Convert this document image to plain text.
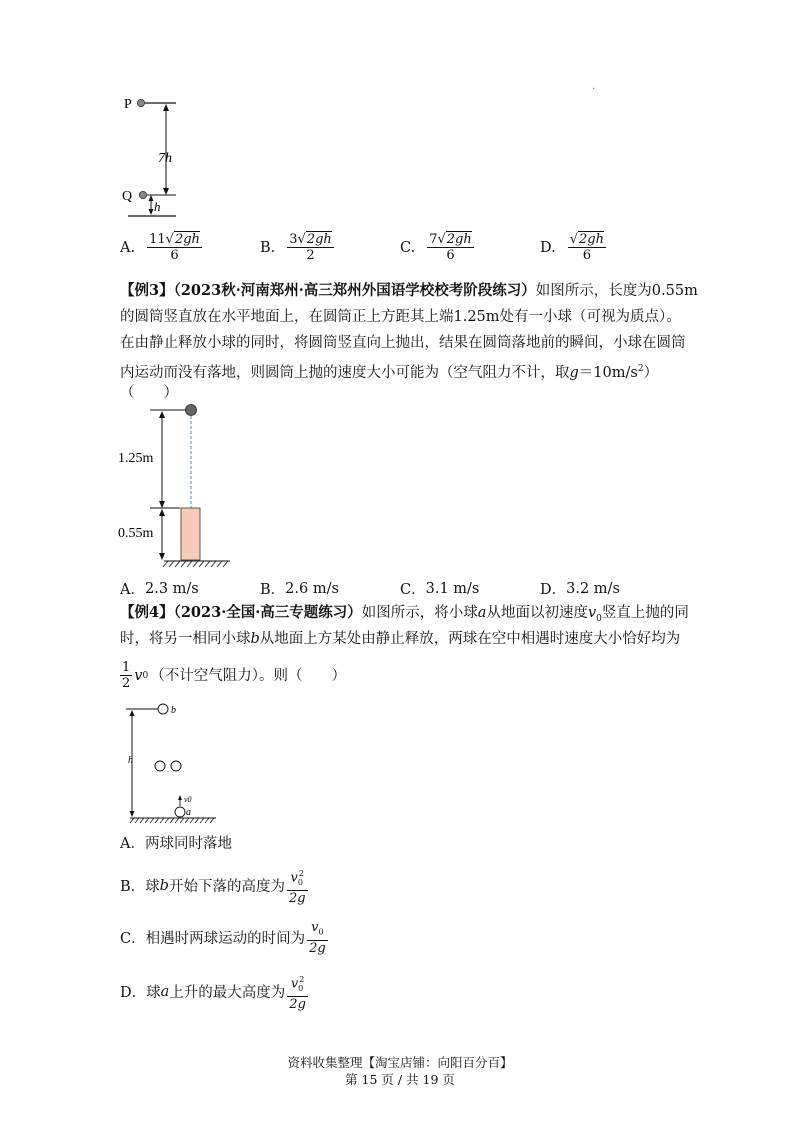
·
P
Q
7h
h
A. $\frac{11√2gh}{6}$	B. $\frac{3√2gh}{2}$	C. $\frac{7√2gh}{6}$	D. $\frac{√2gh}{6}$
【例3】（2023秋·河南郑州·高三郑州外国语学校校考阶段练习）如图所示，长度为0.55m
的圆筒竖直放在水平地面上，在圆筒正上方距其上端1.25m处有一小球（可视为质点）。
在由静止释放小球的同时，将圆筒竖直向上抛出，结果在圆筒落地前的瞬间，小球在圆筒
内运动而没有落地，则圆筒上抛的速度大小可能为（空气阻力不计，取$g=10m/s^2$）
（　　）
1.25m
0.55m
A． 2.3 m/s	B． 2.6 m/s	C． 3.1 m/s	D． 3.2 m/s
【例4】（2023·全国·高三专题练习）如图所示，将小球a从地面以初速度$v_0$竖直上抛的同
时，将另一相同小球b从地面上方某处由静止释放，两球在空中相遇时速度大小恰好均为
$\frac{1}{2}$ v 0 （不计空气阻力）。则（　　）
b
h
v0
a
A．两球同时落地
B．球 b 开始下落的高度为 $\frac{v_0^2}{2g}$
C．相遇时两球运动的时间为 $\frac{v_0}{2g}$
D．球 a 上升的最大高度为 $\frac{v_0^2}{2g}$
资料收集整理【淘宝店铺：向阳百分百】
第 15 页 / 共 19 页
